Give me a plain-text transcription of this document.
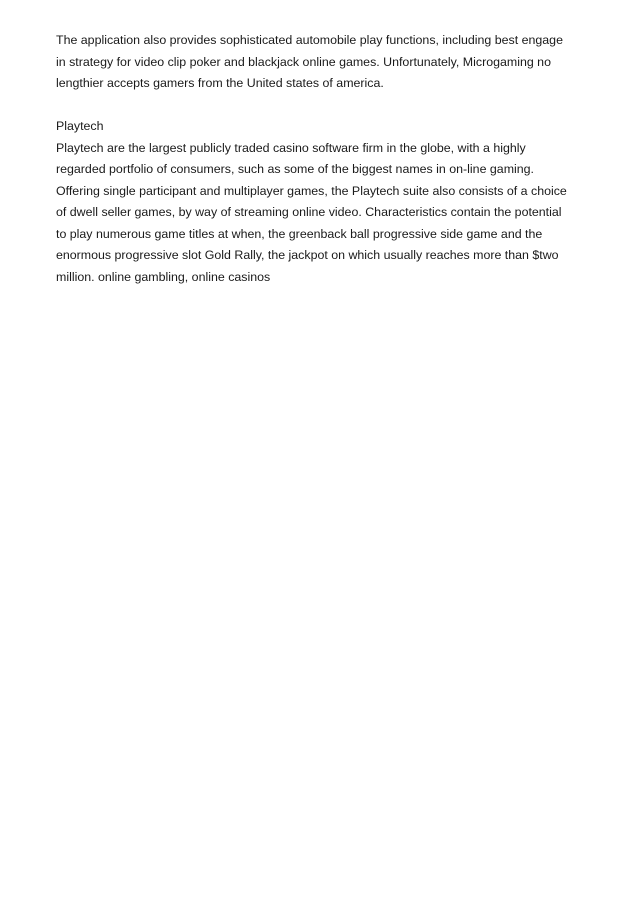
The application also provides sophisticated automobile play functions, including best engage
in strategy for video clip poker and blackjack online games. Unfortunately, Microgaming no
lengthier accepts gamers from the United states of america.

Playtech

Playtech are the largest publicly traded casino software firm in the globe, with a highly
regarded portfolio of consumers, such as some of the biggest names in on-line gaming.
Offering single participant and multiplayer games, the Playtech suite also consists of a choice
of dwell seller games, by way of streaming online video. Characteristics contain the potential
to play numerous game titles at when, the greenback ball progressive side game and the
enormous progressive slot Gold Rally, the jackpot on which usually reaches more than $two
million. online gambling, online casinos
